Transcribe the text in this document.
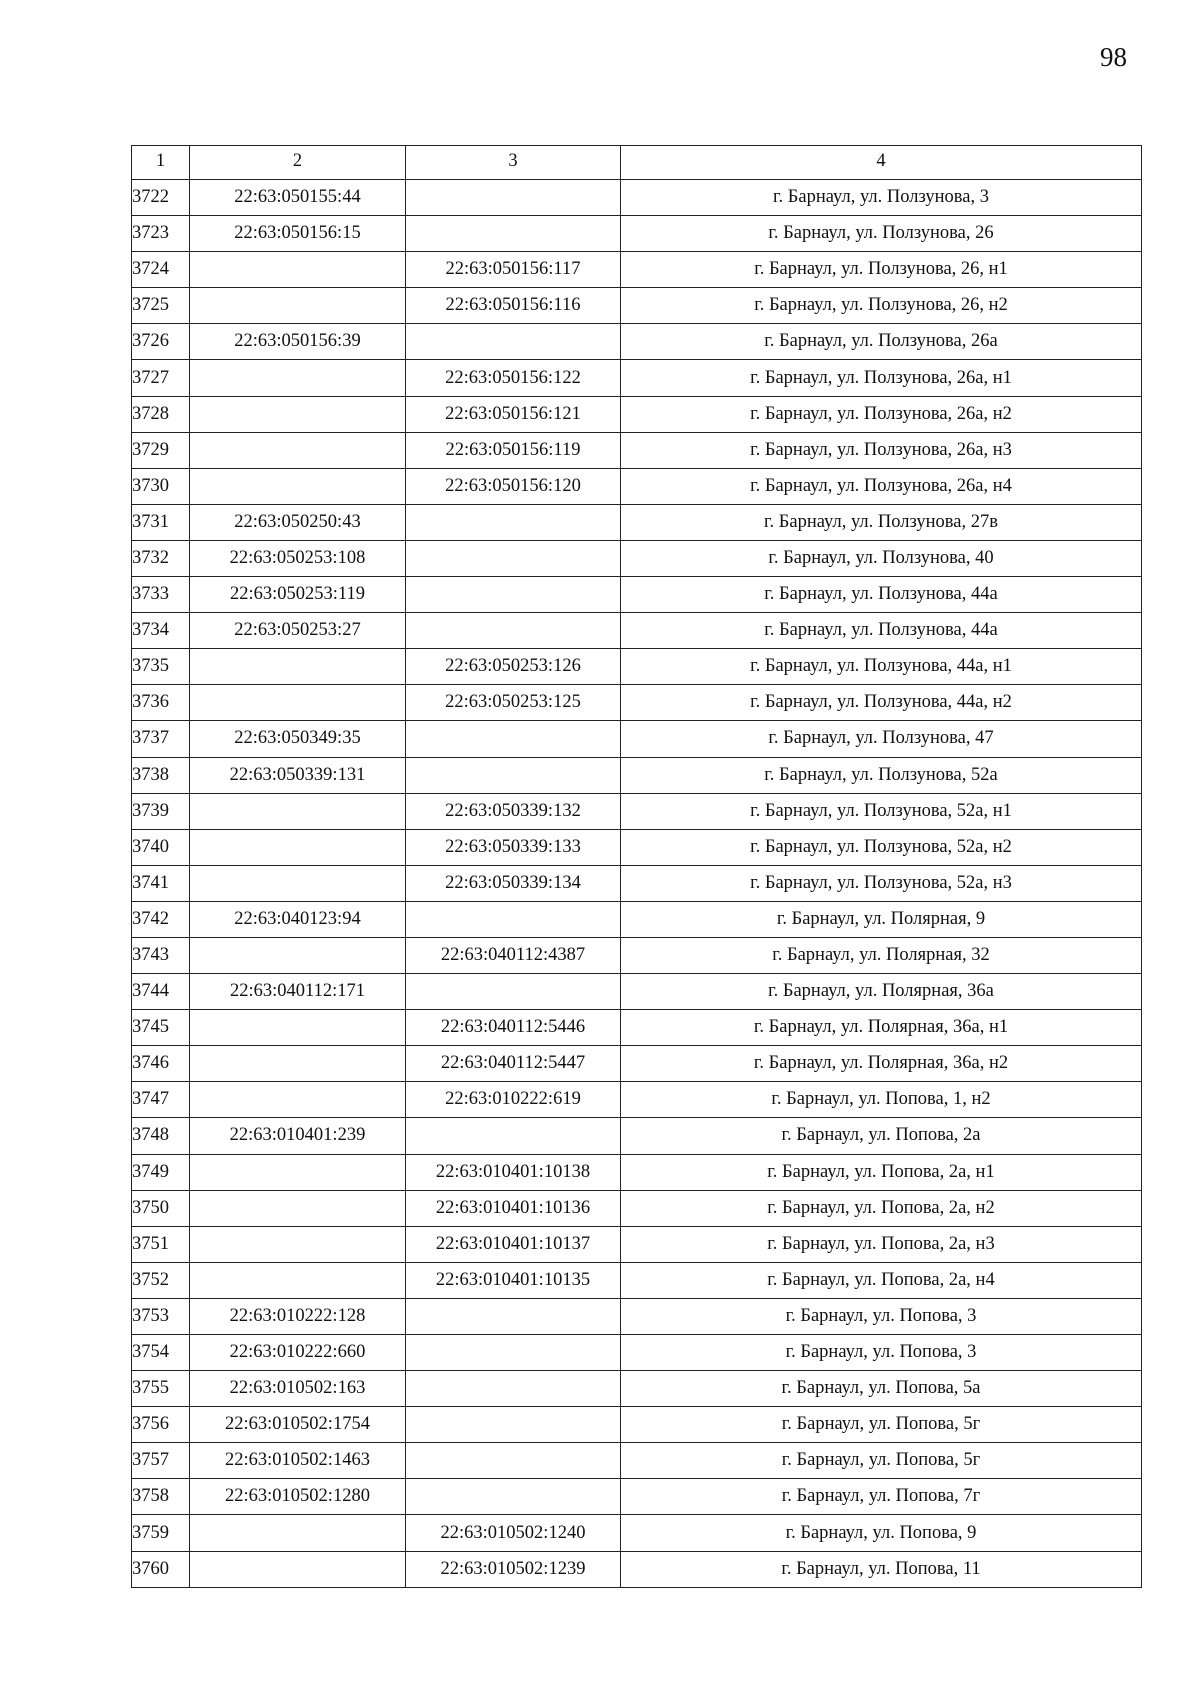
98
1	2	3	4
3722	22:63:050155:44		г. Барнаул, ул. Ползунова, 3
3723	22:63:050156:15		г. Барнаул, ул. Ползунова, 26
3724		22:63:050156:117	г. Барнаул, ул. Ползунова, 26, н1
3725		22:63:050156:116	г. Барнаул, ул. Ползунова, 26, н2
3726	22:63:050156:39		г. Барнаул, ул. Ползунова, 26а
3727		22:63:050156:122	г. Барнаул, ул. Ползунова, 26а, н1
3728		22:63:050156:121	г. Барнаул, ул. Ползунова, 26а, н2
3729		22:63:050156:119	г. Барнаул, ул. Ползунова, 26а, н3
3730		22:63:050156:120	г. Барнаул, ул. Ползунова, 26а, н4
3731	22:63:050250:43		г. Барнаул, ул. Ползунова, 27в
3732	22:63:050253:108		г. Барнаул, ул. Ползунова, 40
3733	22:63:050253:119		г. Барнаул, ул. Ползунова, 44а
3734	22:63:050253:27		г. Барнаул, ул. Ползунова, 44а
3735		22:63:050253:126	г. Барнаул, ул. Ползунова, 44а, н1
3736		22:63:050253:125	г. Барнаул, ул. Ползунова, 44а, н2
3737	22:63:050349:35		г. Барнаул, ул. Ползунова, 47
3738	22:63:050339:131		г. Барнаул, ул. Ползунова, 52а
3739		22:63:050339:132	г. Барнаул, ул. Ползунова, 52а, н1
3740		22:63:050339:133	г. Барнаул, ул. Ползунова, 52а, н2
3741		22:63:050339:134	г. Барнаул, ул. Ползунова, 52а, н3
3742	22:63:040123:94		г. Барнаул, ул. Полярная, 9
3743		22:63:040112:4387	г. Барнаул, ул. Полярная, 32
3744	22:63:040112:171		г. Барнаул, ул. Полярная, 36а
3745		22:63:040112:5446	г. Барнаул, ул. Полярная, 36а, н1
3746		22:63:040112:5447	г. Барнаул, ул. Полярная, 36а, н2
3747		22:63:010222:619	г. Барнаул, ул. Попова, 1, н2
3748	22:63:010401:239		г. Барнаул, ул. Попова, 2а
3749		22:63:010401:10138	г. Барнаул, ул. Попова, 2а, н1
3750		22:63:010401:10136	г. Барнаул, ул. Попова, 2а, н2
3751		22:63:010401:10137	г. Барнаул, ул. Попова, 2а, н3
3752		22:63:010401:10135	г. Барнаул, ул. Попова, 2а, н4
3753	22:63:010222:128		г. Барнаул, ул. Попова, 3
3754	22:63:010222:660		г. Барнаул, ул. Попова, 3
3755	22:63:010502:163		г. Барнаул, ул. Попова, 5а
3756	22:63:010502:1754		г. Барнаул, ул. Попова, 5г
3757	22:63:010502:1463		г. Барнаул, ул. Попова, 5г
3758	22:63:010502:1280		г. Барнаул, ул. Попова, 7г
3759		22:63:010502:1240	г. Барнаул, ул. Попова, 9
3760		22:63:010502:1239	г. Барнаул, ул. Попова, 11
